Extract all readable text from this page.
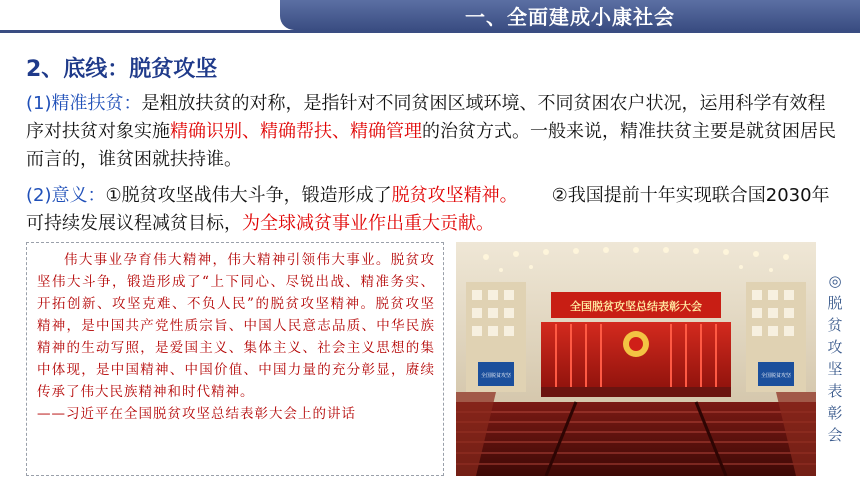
一、全面建成小康社会
2、底线：脱贫攻坚
(1)精准扶贫：是粗放扶贫的对称，是指针对不同贫困区域环境、不同贫困农户状况，运用科学有效程序对扶贫对象实施精确识别、精确帮扶、精确管理的治贫方式。一般来说，精准扶贫主要是就贫困居民而言的，谁贫困就扶持谁。
(2)意义：①脱贫攻坚战伟大斗争，锻造形成了脱贫攻坚精神。 ②我国提前十年实现联合国2030年可持续发展议程减贫目标，为全球减贫事业作出重大贡献。
伟大事业孕育伟大精神，伟大精神引领伟大事业。脱贫攻坚伟大斗争，锻造形成了“上下同心、尽锐出战、精准务实、开拓创新、攻坚克难、不负人民”的脱贫攻坚精神。脱贫攻坚精神，是中国共产党性质宗旨、中国人民意志品质、中华民族精神的生动写照，是爱国主义、集体主义、社会主义思想的集中体现，是中国精神、中国价值、中国力量的充分彰显，赓续传承了伟大民族精神和时代精神。
——习近平在全国脱贫攻坚总结表彰大会上的讲话
全国脱贫攻坚总结表彰大会
全国脱贫攻坚	全国脱贫攻坚
◎脱贫攻坚表彰会
